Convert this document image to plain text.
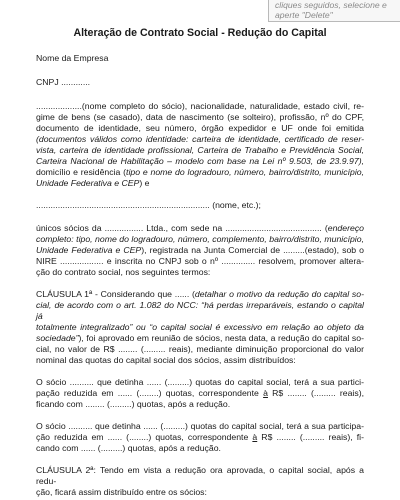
cliques seguidos, selecione e
aperte "Delete"
Alteração de Contrato Social - Redução do Capital

Nome da Empresa

CNPJ ............

...................(nome completo do sócio), nacionalidade, naturalidade, estado civil, re-

gime de bens (se casado), data de nascimento (se solteiro), profissão, nº do CPF,

documento de identidade, seu número, órgão expedidor e UF onde foi emitida

(documentos válidos como identidade: carteira de identidade, certificado de reser-

vista, carteira de identidade profissional, Carteira de Trabalho e Previdência Social,

Carteira Nacional de Habilitação – modelo com base na Lei nº 9.503, de 23.9.97),

domicílio e residência (tipo e nome do logradouro, número, bairro/distrito, município,

Unidade Federativa e CEP) e

........................................................................ (nome, etc.);

únicos sócios da ................ Ltda., com sede na ........................................ (endereço

completo: tipo, nome do logradouro, número, complemento, bairro/distrito, município,

Unidade Federativa e CEP), registrada na Junta Comercial de .........(estado), sob o

NIRE .................. e inscrita no CNPJ sob o nº .............. resolvem, promover altera-

ção do contrato social, nos seguintes termos:

CLÁUSULA 1ª - Considerando que ...... (detalhar o motivo da redução do capital so-

cial, de acordo com o art. 1.082 do NCC: “há perdas irreparáveis, estando o capital já

totalmente integralizado” ou “o capital social é excessivo em relação ao objeto da

sociedade”), foi aprovado em reunião de sócios, nesta data, a redução do capital so-

cial, no valor de R$ ........ (......... reais), mediante diminuição proporcional do valor

nominal das quotas do capital social dos sócios, assim distribuídos:

O sócio .......... que detinha ...... (.........) quotas do capital social, terá a sua partici-

pação reduzida em ...... (........) quotas, correspondente à R$ ........ (......... reais),

ficando com ........ (.........) quotas, após a redução.

O sócio .......... que detinha ...... (.........) quotas do capital social, terá a sua participa-

ção reduzida em ...... (........) quotas, correspondente à R$ ........ (......... reais), fi-

cando com ...... (.........) quotas, após a redução.

CLÁUSULA 2ª: Tendo em vista a redução ora aprovada, o capital social, após a redu-

ção, ficará assim distribuído entre os sócios:
